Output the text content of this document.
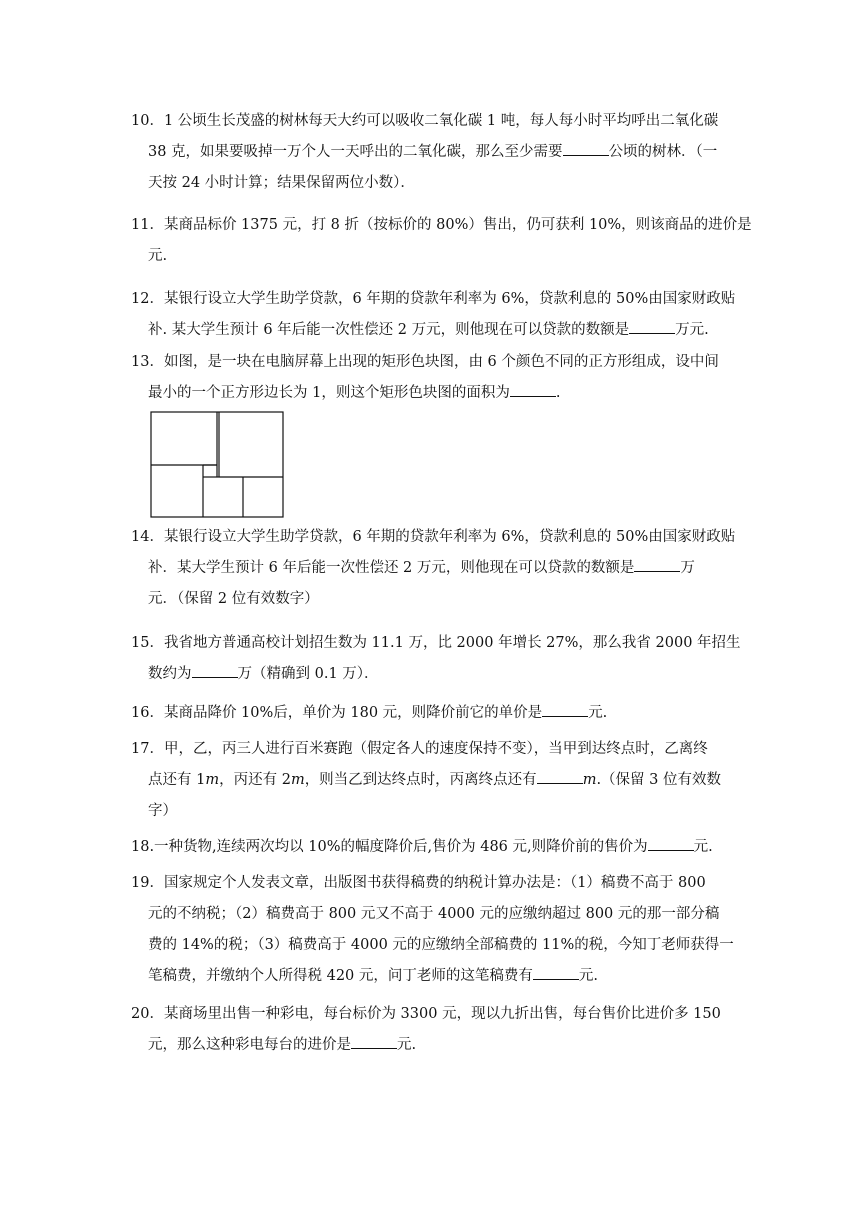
10．1 公顷生长茂盛的树林每天大约可以吸收二氧化碳 1 吨，每人每小时平均呼出二氧化碳
38 克，如果要吸掉一万个人一天呼出的二氧化碳，那么至少需要	公顷的树林．（一
天按 24 小时计算；结果保留两位小数）．
11．某商品标价 1375 元，打 8 折（按标价的 80%）售出，仍可获利 10%，则该商品的进价是
元.
12．某银行设立大学生助学贷款，6 年期的贷款年利率为 6%，贷款利息的 50%由国家财政贴
补. 某大学生预计 6 年后能一次性偿还 2 万元，则他现在可以贷款的数额是	万元.
13．如图，是一块在电脑屏幕上出现的矩形色块图，由 6 个颜色不同的正方形组成，设中间
最小的一个正方形边长为 1，则这个矩形色块图的面积为	.
14．某银行设立大学生助学贷款，6 年期的贷款年利率为 6%，贷款利息的 50%由国家财政贴
补．某大学生预计 6 年后能一次性偿还 2 万元，则他现在可以贷款的数额是	万
元．（保留 2 位有效数字）
15．我省地方普通高校计划招生数为 11.1 万，比 2000 年增长 27%，那么我省 2000 年招生
数约为	万（精确到 0.1 万）．
16．某商品降价 10%后，单价为 180 元，则降价前它的单价是	元.
17．甲，乙，丙三人进行百米赛跑（假定各人的速度保持不变），当甲到达终点时，乙离终
点还有 1m，丙还有 2m，则当乙到达终点时，丙离终点还有	m.（保留 3 位有效数
字）
18.一种货物,连续两次均以 10%的幅度降价后,售价为 486 元,则降价前的售价为	元.
19．国家规定个人发表文章，出版图书获得稿费的纳税计算办法是：（1）稿费不高于 800
元的不纳税；（2）稿费高于 800 元又不高于 4000 元的应缴纳超过 800 元的那一部分稿
费的 14%的税；（3）稿费高于 4000 元的应缴纳全部稿费的 11%的税，今知丁老师获得一
笔稿费，并缴纳个人所得税 420 元，问丁老师的这笔稿费有	元.
20．某商场里出售一种彩电，每台标价为 3300 元，现以九折出售，每台售价比进价多 150
元，那么这种彩电每台的进价是	元.
